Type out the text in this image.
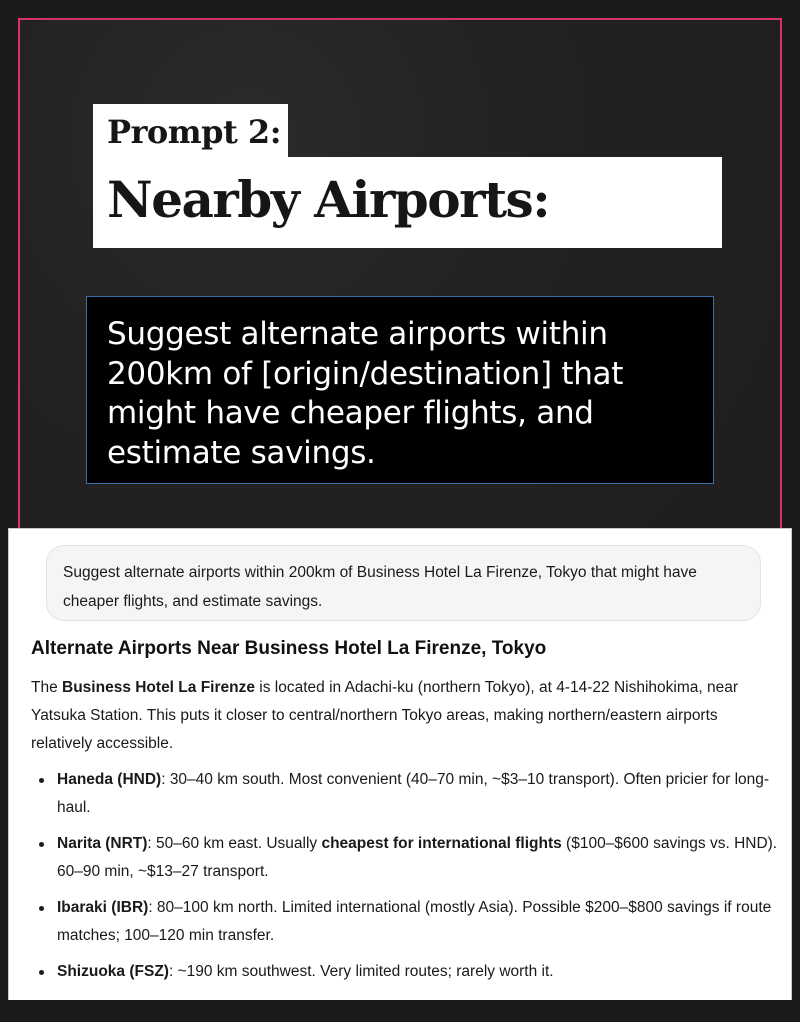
Prompt 2:
Nearby Airports:
Suggest alternate airports within
200km of [origin/destination] that
might have cheaper flights, and
estimate savings.
Suggest alternate airports within 200km of Business Hotel La Firenze, Tokyo that might have cheaper flights, and estimate savings.
Alternate Airports Near Business Hotel La Firenze, Tokyo

The Business Hotel La Firenze is located in Adachi-ku (northern Tokyo), at 4-14-22 Nishihokima, near Yatsuka Station. This puts it closer to central/northern Tokyo areas, making northern/eastern airports relatively accessible.

Haneda (HND): 30–40 km south. Most convenient (40–70 min, ~$3–10 transport). Often pricier for long-haul.
Narita (NRT): 50–60 km east. Usually cheapest for international flights ($100–$600 savings vs. HND). 60–90 min, ~$13–27 transport.
Ibaraki (IBR): 80–100 km north. Limited international (mostly Asia). Possible $200–$800 savings if route matches; 100–120 min transfer.
Shizuoka (FSZ): ~190 km southwest. Very limited routes; rarely worth it.

Best advice: Search "Tokyo (TYO)" on Google Flights/Skyscanner — Narita is almost always the
